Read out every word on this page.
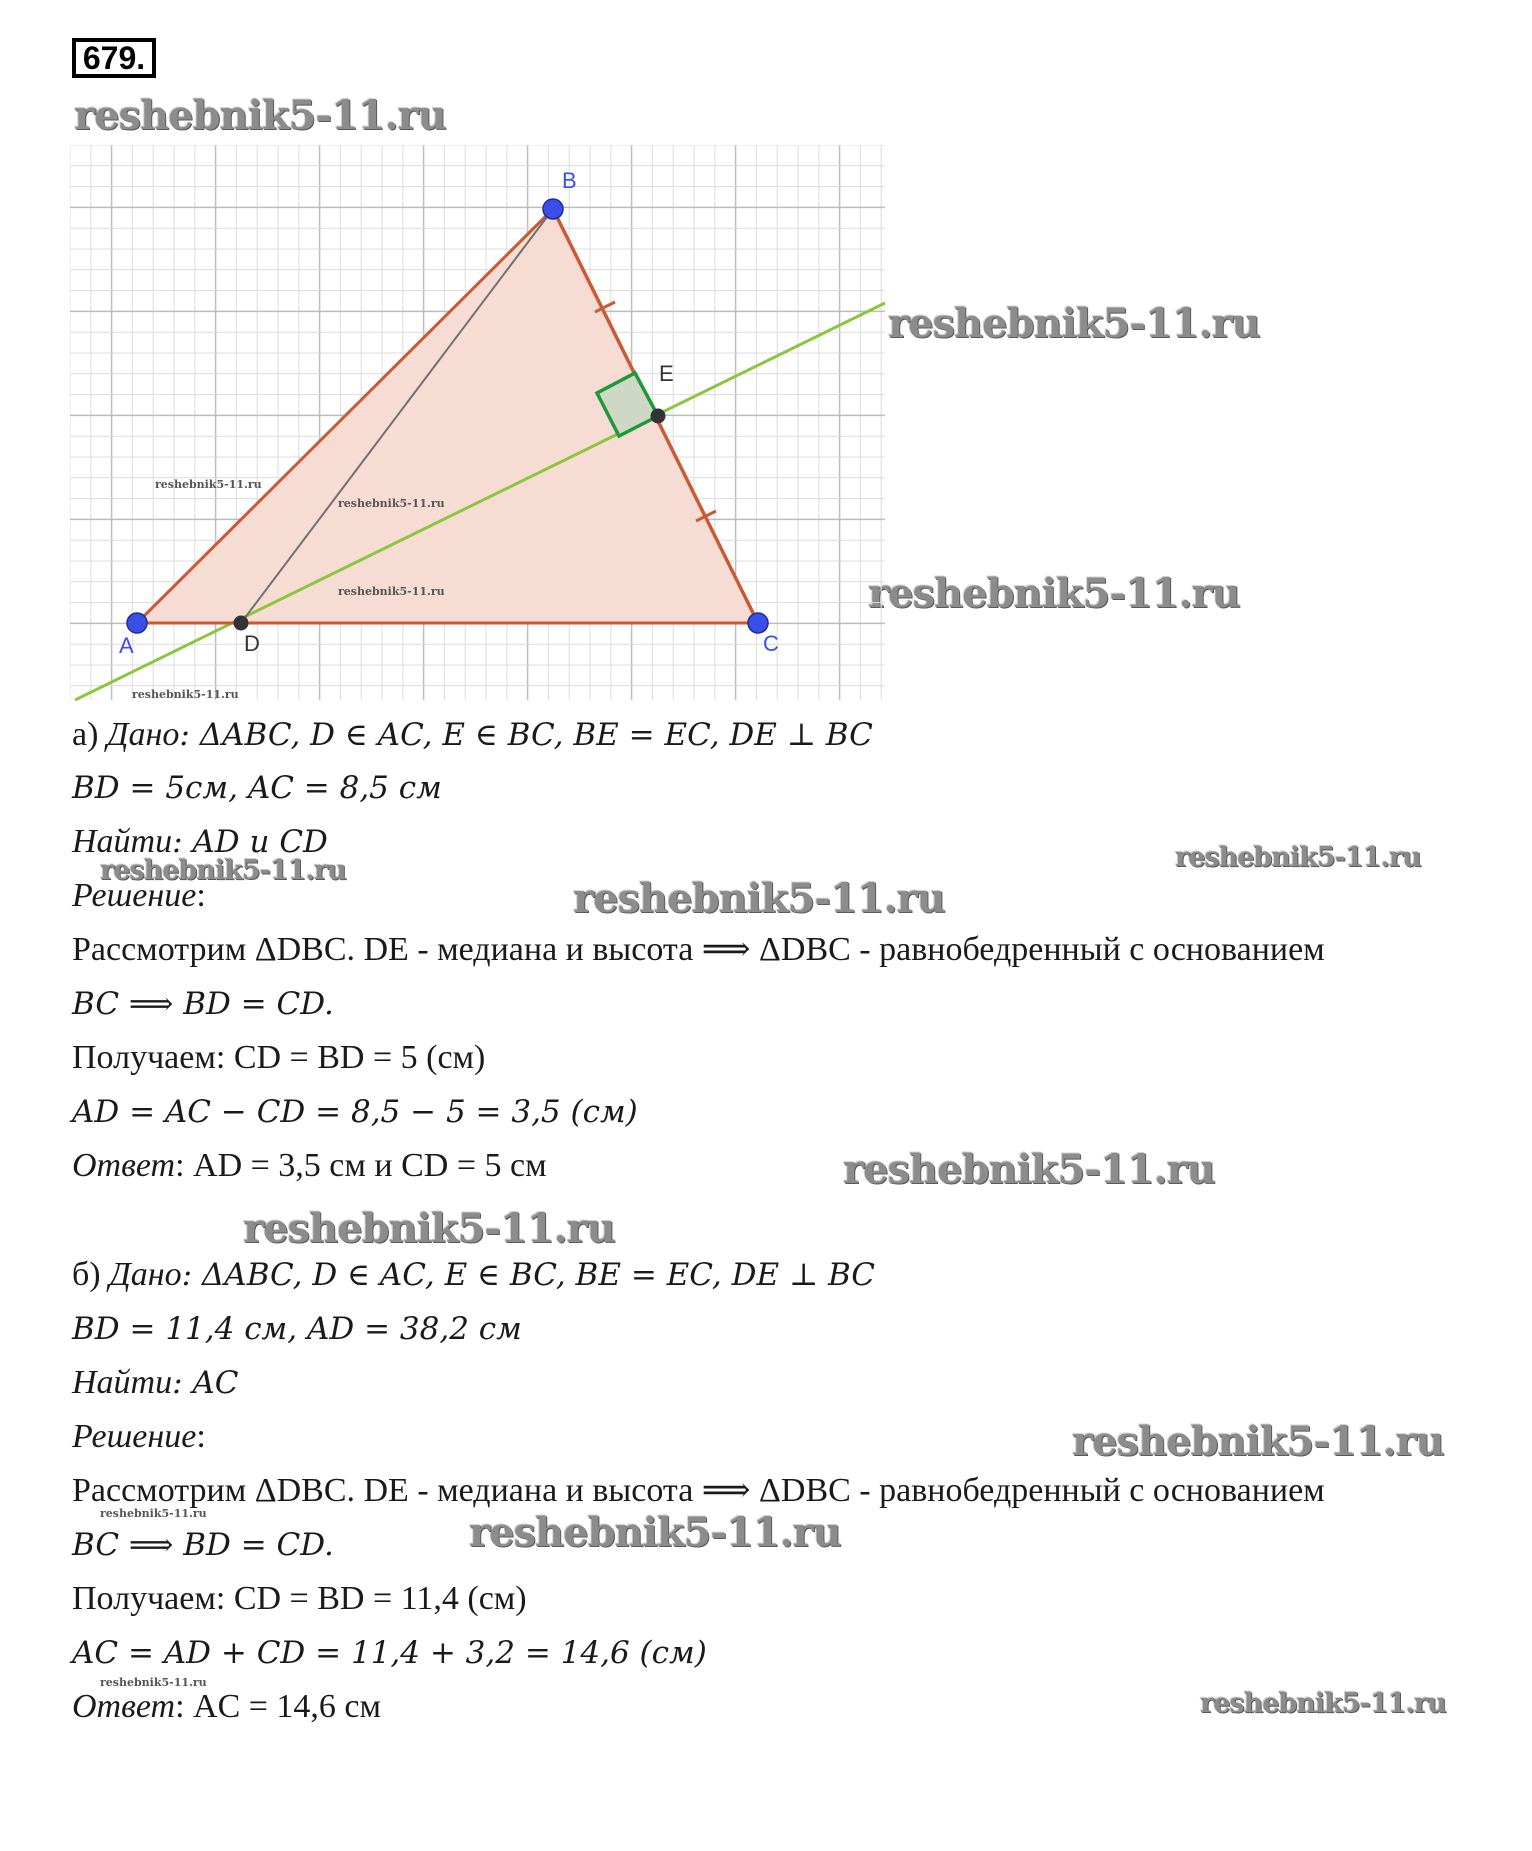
679.
reshebnik5-11.ru
reshebnik5-11.ru
reshebnik5-11.ru
reshebnik5-11.ru
reshebnik5-11.ru
reshebnik5-11.ru
reshebnik5-11.ru
reshebnik5-11.ru
reshebnik5-11.ru
reshebnik5-11.ru
reshebnik5-11.ru
reshebnik5-11.ru
reshebnik5-11.ru
A
B
C
D
E
reshebnik5-11.ru
reshebnik5-11.ru
reshebnik5-11.ru
reshebnik5-11.ru
а) Дано: ΔABC, D ∈ AC, E ∈ BC, BE = EC, DE ⊥ BC
BD = 5см, AC = 8,5 см
Найти: AD и CD
Решение:
Рассмотрим ΔDBC. DE - медиана и высота ⟹ ΔDBC - равнобедренный с основанием
BC ⟹ BD = CD.
Получаем: CD = BD = 5 (см)
AD = AC − CD = 8,5 − 5 = 3,5 (см)
Ответ: AD = 3,5 см и CD = 5 см
б) Дано: ΔABC, D ∈ AC, E ∈ BC, BE = EC, DE ⊥ BC
BD = 11,4 см, AD = 38,2 см
Найти: AC
Решение:
Рассмотрим ΔDBC. DE - медиана и высота ⟹ ΔDBC - равнобедренный с основанием
BC ⟹ BD = CD.
Получаем: CD = BD = 11,4 (см)
AC = AD + CD = 11,4 + 3,2 = 14,6 (см)
Ответ: AC = 14,6 см
